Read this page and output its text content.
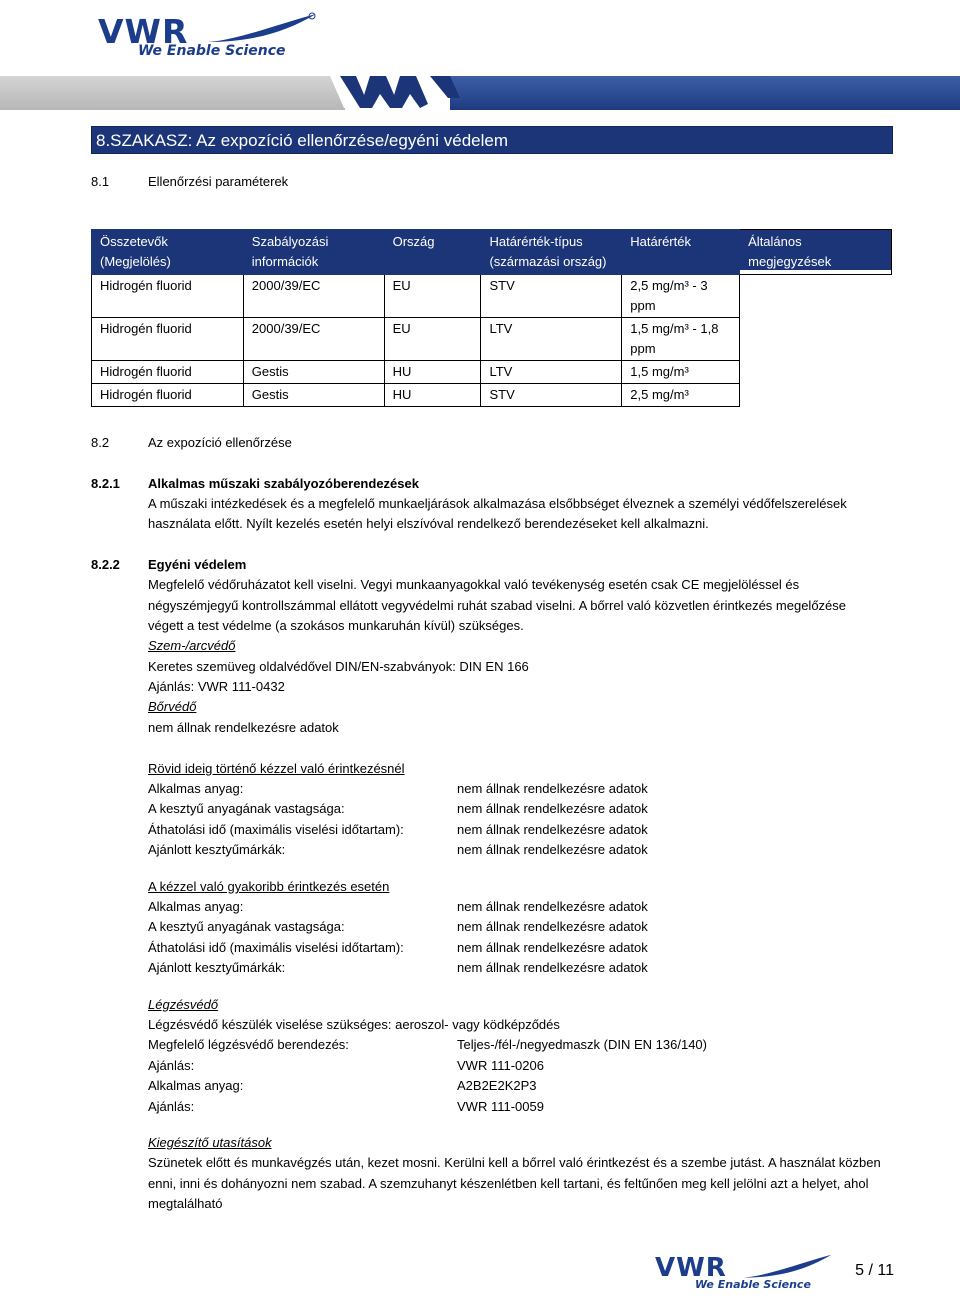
VWR
We Enable Science
8.SZAKASZ: Az expozíció ellenőrzése/egyéni védelem
8.1	Ellenőrzési paraméterek
Összetevők (Megjelölés)	Szabályozási információk	Ország	Határérték-típus (származási ország)	Határérték	Általános megjegyzések

Hidrogén fluorid	2000/39/EC	EU	STV	2,5 mg/m³ - 3 ppm	
Hidrogén fluorid	2000/39/EC	EU	LTV	1,5 mg/m³ - 1,8 ppm	
Hidrogén fluorid	Gestis	HU	LTV	1,5 mg/m³	
Hidrogén fluorid	Gestis	HU	STV	2,5 mg/m³	
8.2	Az expozíció ellenőrzése
8.2.1 Alkalmas műszaki szabályozóberendezések
A műszaki intézkedések és a megfelelő munkaeljárások alkalmazása elsőbbséget élveznek a személyi védőfelszerelések
használata előtt. Nyílt kezelés esetén helyi elszívóval rendelkező berendezéseket kell alkalmazni.
8.2.2 Egyéni védelem
Megfelelő védőruházatot kell viselni. Vegyi munkaanyagokkal való tevékenység esetén csak CE megjelöléssel és
négyszémjegyű kontrollszámmal ellátott vegyvédelmi ruhát szabad viselni. A bőrrel való közvetlen érintkezés megelőzése
végett a test védelme (a szokásos munkaruhán kívül) szükséges.
Szem-/arcvédő
Keretes szemüveg oldalvédővel DIN/EN-szabványok: DIN EN 166
Ajánlás: VWR 111-0432
Bőrvédő
nem állnak rendelkezésre adatok
Rövid ideig történő kézzel való érintkezésnél
Alkalmas anyag:	nem állnak rendelkezésre adatok
A kesztyű anyagának vastagsága:	nem állnak rendelkezésre adatok
Áthatolási idő (maximális viselési időtartam):	nem állnak rendelkezésre adatok
Ajánlott kesztyűmárkák:	nem állnak rendelkezésre adatok
A kézzel való gyakoribb érintkezés esetén
Alkalmas anyag:	nem állnak rendelkezésre adatok
A kesztyű anyagának vastagsága:	nem állnak rendelkezésre adatok
Áthatolási idő (maximális viselési időtartam):	nem állnak rendelkezésre adatok
Ajánlott kesztyűmárkák:	nem állnak rendelkezésre adatok
Légzésvédő
Légzésvédő készülék viselése szükséges: aeroszol- vagy ködképződés
Megfelelő légzésvédő berendezés:	Teljes-/fél-/negyedmaszk (DIN EN 136/140)
Ajánlás:	VWR 111-0206
Alkalmas anyag:	A2B2E2K2P3
Ajánlás:	VWR 111-0059
Kiegészítő utasítások
Szünetek előtt és munkavégzés után, kezet mosni. Kerülni kell a bőrrel való érintkezést és a szembe jutást. A használat közben
enni, inni és dohányozni nem szabad. A szemzuhanyt készenlétben kell tartani, és feltűnően meg kell jelölni azt a helyet, ahol
megtalálható
VWR
We Enable Science
5 / 11
